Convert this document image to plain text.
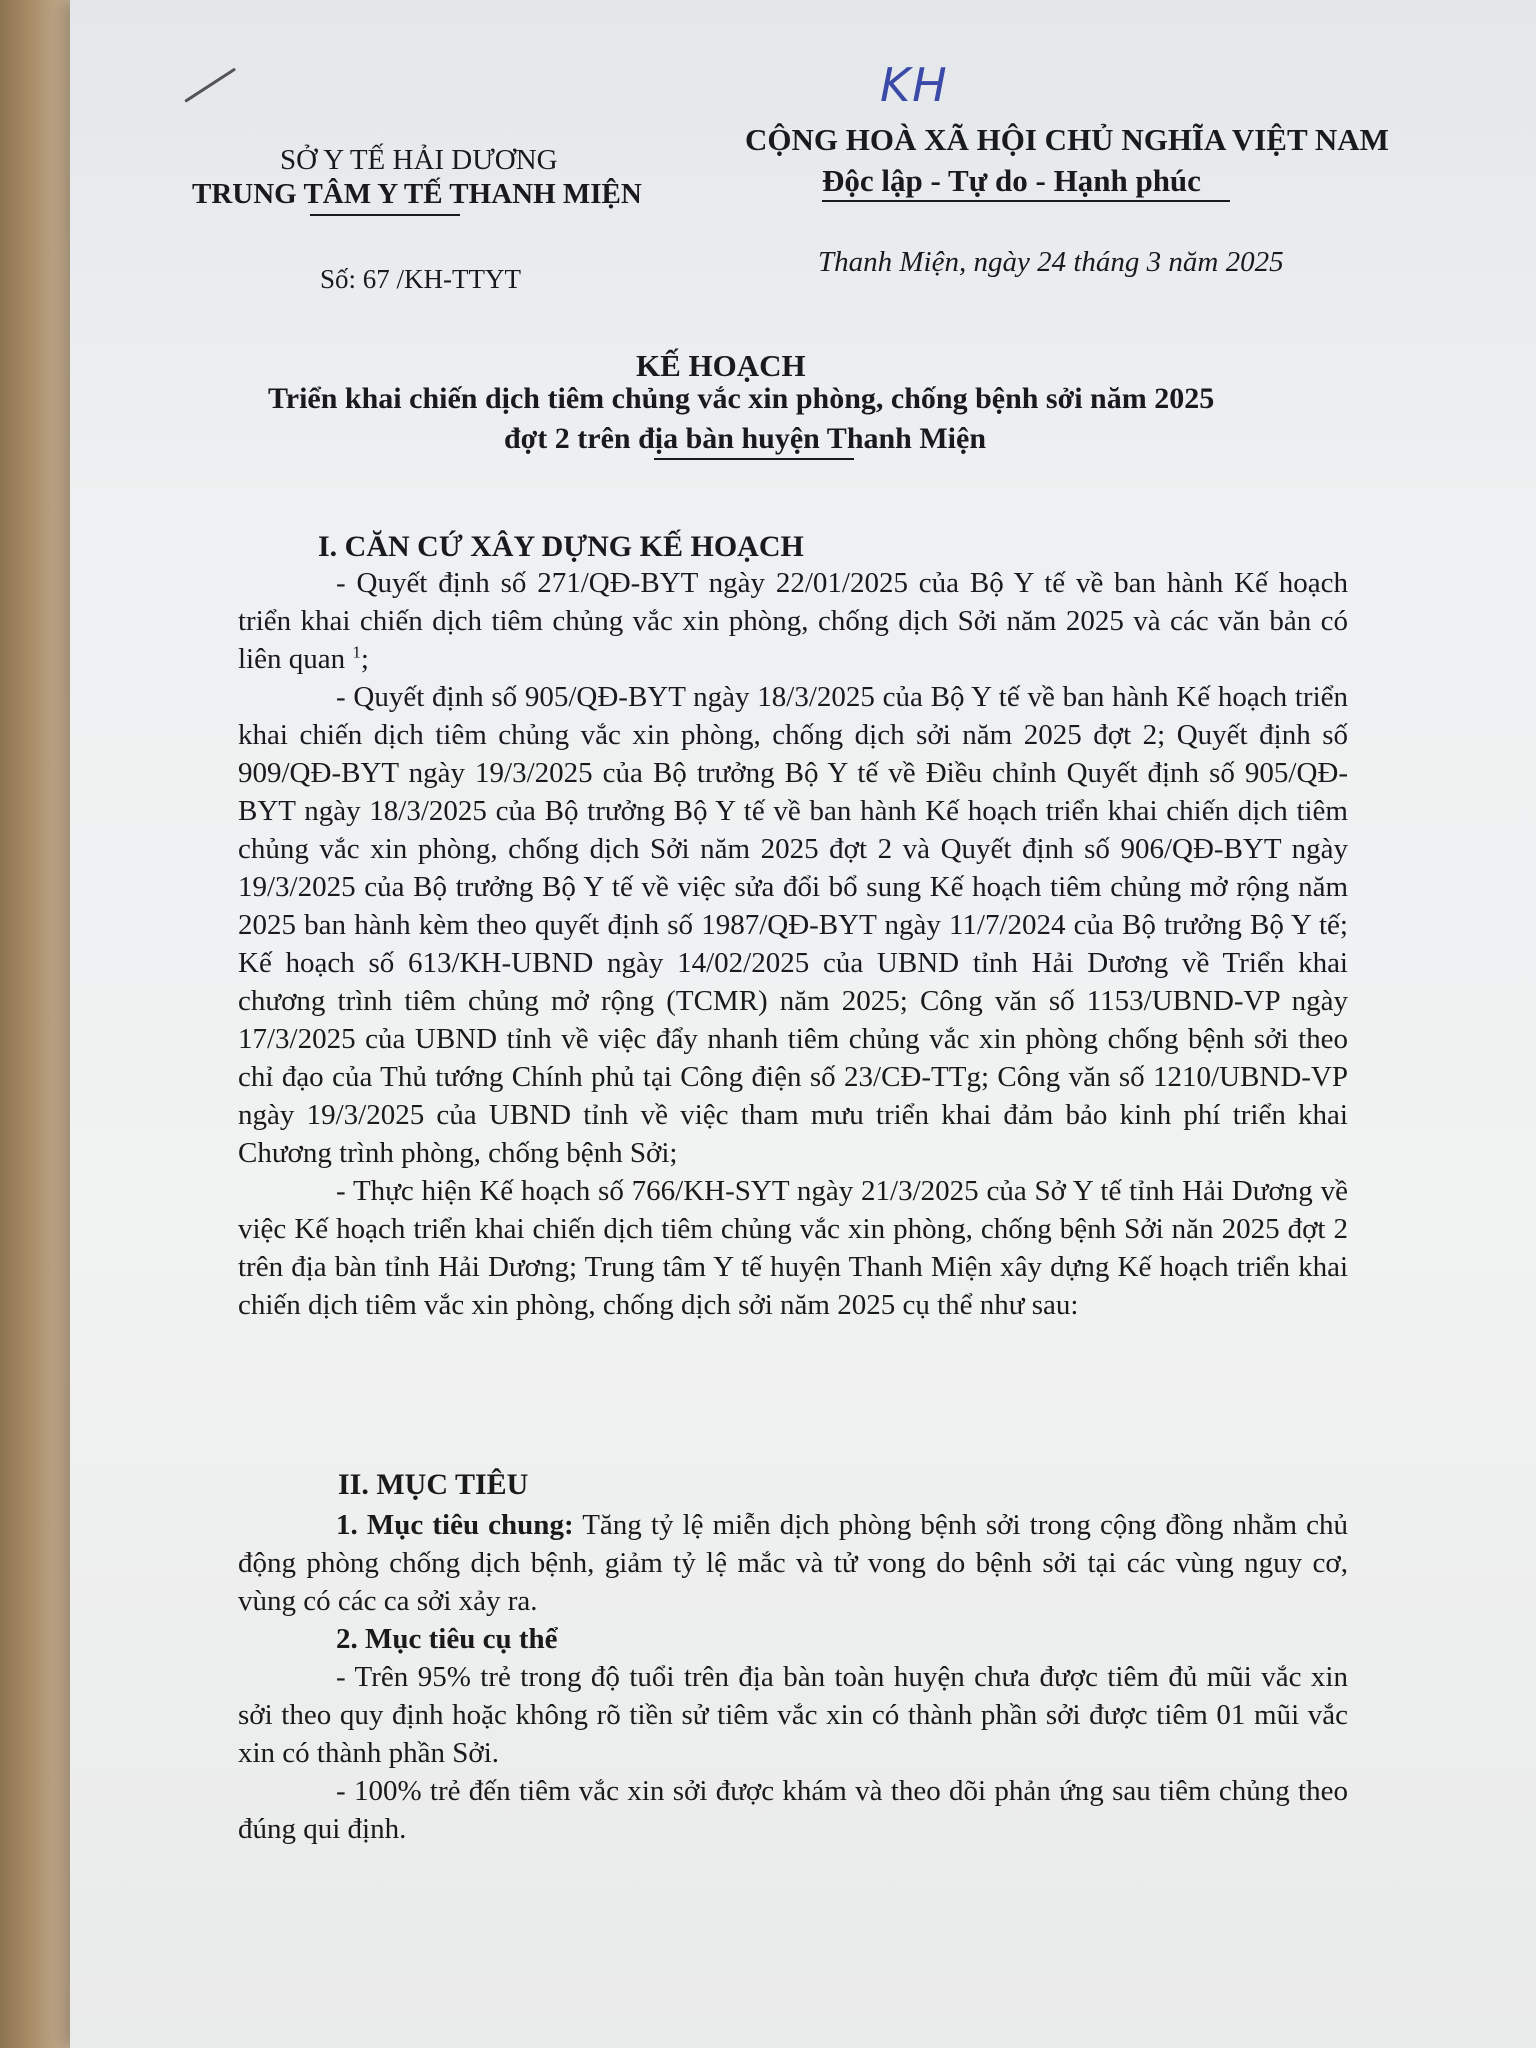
KH
SỞ Y TẾ HẢI DƯƠNG
TRUNG TÂM Y TẾ THANH MIỆN
CỘNG HOÀ XÃ HỘI CHỦ NGHĨA VIỆT NAM
Độc lập - Tự do - Hạnh phúc
Số: 67 /KH-TTYT
Thanh Miện, ngày 24 tháng 3 năm 2025
KẾ HOẠCH
Triển khai chiến dịch tiêm chủng vắc xin phòng, chống bệnh sởi năm 2025
đợt 2 trên địa bàn huyện Thanh Miện
I. CĂN CỨ XÂY DỰNG KẾ HOẠCH

- Quyết định số 271/QĐ-BYT ngày 22/01/2025 của Bộ Y tế về ban hành Kế hoạch triển khai chiến dịch tiêm chủng vắc xin phòng, chống dịch Sởi năm 2025 và các văn bản có liên quan $^1$;

- Quyết định số 905/QĐ-BYT ngày 18/3/2025 của Bộ Y tế về ban hành Kế hoạch triển khai chiến dịch tiêm chủng vắc xin phòng, chống dịch sởi năm 2025 đợt 2; Quyết định số 909/QĐ-BYT ngày 19/3/2025 của Bộ trưởng Bộ Y tế về Điều chỉnh Quyết định số 905/QĐ-BYT ngày 18/3/2025 của Bộ trưởng Bộ Y tế về ban hành Kế hoạch triển khai chiến dịch tiêm chủng vắc xin phòng, chống dịch Sởi năm 2025 đợt 2 và Quyết định số 906/QĐ-BYT ngày 19/3/2025 của Bộ trưởng Bộ Y tế về việc sửa đổi bổ sung Kế hoạch tiêm chủng mở rộng năm 2025 ban hành kèm theo quyết định số 1987/QĐ-BYT ngày 11/7/2024 của Bộ trưởng Bộ Y tế; Kế hoạch số 613/KH-UBND ngày 14/02/2025 của UBND tỉnh Hải Dương về Triển khai chương trình tiêm chủng mở rộng (TCMR) năm 2025; Công văn số 1153/UBND-VP ngày 17/3/2025 của UBND tỉnh về việc đẩy nhanh tiêm chủng vắc xin phòng chống bệnh sởi theo chỉ đạo của Thủ tướng Chính phủ tại Công điện số 23/CĐ-TTg; Công văn số 1210/UBND-VP ngày 19/3/2025 của UBND tỉnh về việc tham mưu triển khai đảm bảo kinh phí triển khai Chương trình phòng, chống bệnh Sởi;

- Thực hiện Kế hoạch số 766/KH-SYT ngày 21/3/2025 của Sở Y tế tỉnh Hải Dương về việc Kế hoạch triển khai chiến dịch tiêm chủng vắc xin phòng, chống bệnh Sởi năn 2025 đợt 2 trên địa bàn tỉnh Hải Dương; Trung tâm Y tế huyện Thanh Miện xây dựng Kế hoạch triển khai chiến dịch tiêm vắc xin phòng, chống dịch sởi năm 2025 cụ thể như sau:

II. MỤC TIÊU

1. Mục tiêu chung: Tăng tỷ lệ miễn dịch phòng bệnh sởi trong cộng đồng nhằm chủ động phòng chống dịch bệnh, giảm tỷ lệ mắc và tử vong do bệnh sởi tại các vùng nguy cơ, vùng có các ca sởi xảy ra.

2. Mục tiêu cụ thể

- Trên 95% trẻ trong độ tuổi trên địa bàn toàn huyện chưa được tiêm đủ mũi vắc xin sởi theo quy định hoặc không rõ tiền sử tiêm vắc xin có thành phần sởi được tiêm 01 mũi vắc xin có thành phần Sởi.

- 100% trẻ đến tiêm vắc xin sởi được khám và theo dõi phản ứng sau tiêm chủng theo đúng qui định.
